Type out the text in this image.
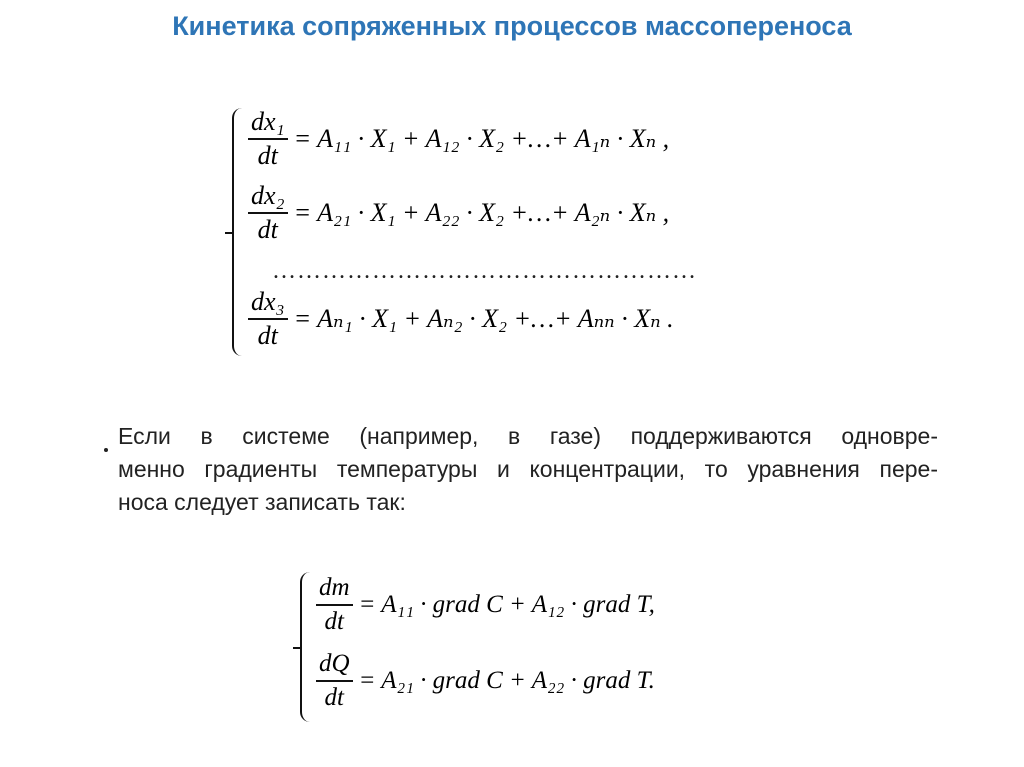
Кинетика сопряженных процессов массопереноса
$\frac{\text{dx₁}}{dt} = A_{11} \cdot X_1 + A_{12} \cdot X_2$ +…+ A₁ₙ · Xₙ ,
$\frac{\text{dx₂}}{dt} = A_{21} \cdot X_1 + A_{22} \cdot X_2$ +…+ A₂ₙ · Xₙ ,
……………………………………………
$\frac{\text{dx₃}}{dt} = A_{n1} \cdot X_1 + A_{n2} \cdot X_2$ +…+ Aₙₙ · Xₙ .
Если в системе (например, в газе) поддерживаются одновре-
менно градиенты температуры и концентрации, то уравнения пере-
носа следует записать так:
$\frac{dm}{dt} = A_{11}$ · grad C + A₁₂ · grad T,
$\frac{dQ}{dt} = A_{21}$ · grad C + A₂₂ · grad T.
